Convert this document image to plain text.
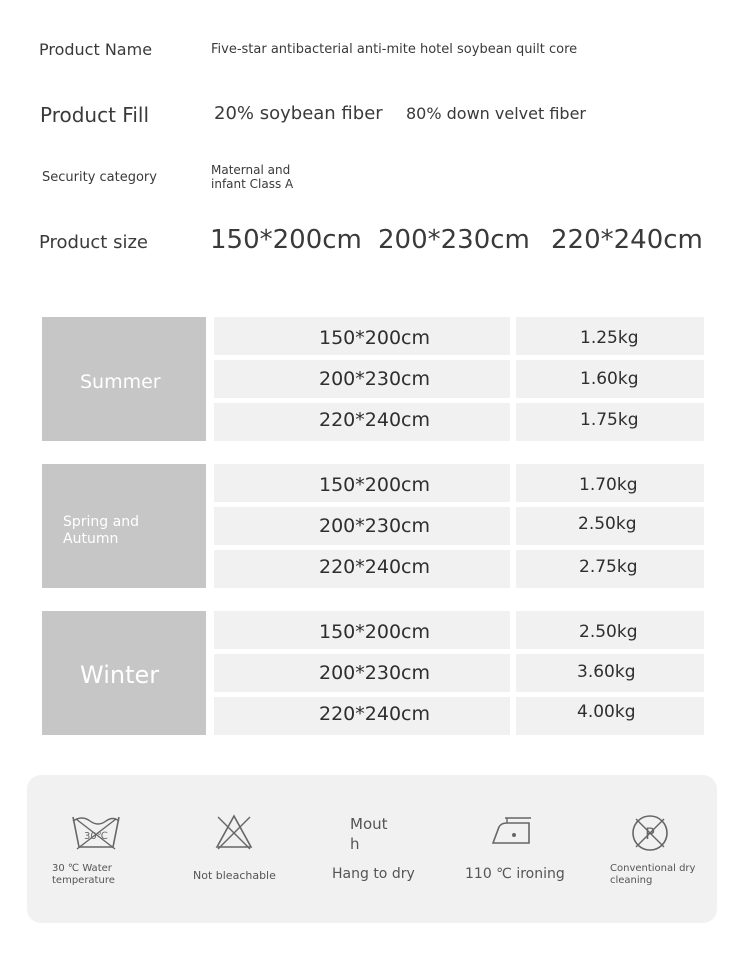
Product Name	Five-star antibacterial anti-mite hotel soybean quilt core
Product Fill	20% soybean fiber 80% down velvet fiber
Security category	Maternal and
infant Class A
Product size 150*200cm 200*230cm 220*240cm
Summer
150*200cm	1.25kg
200*230cm	1.60kg
220*240cm	1.75kg
Spring and
Autumn
150*200cm	1.70kg
200*230cm	2.50kg
220*240cm	2.75kg
Winter
150*200cm	2.50kg
200*230cm	3.60kg
220*240cm	4.00kg
30℃
30 ℃ Water
temperature	Not bleachable
Mout
h
Hang to dry	110 ℃ ironing
P
Conventional dry
cleaning
